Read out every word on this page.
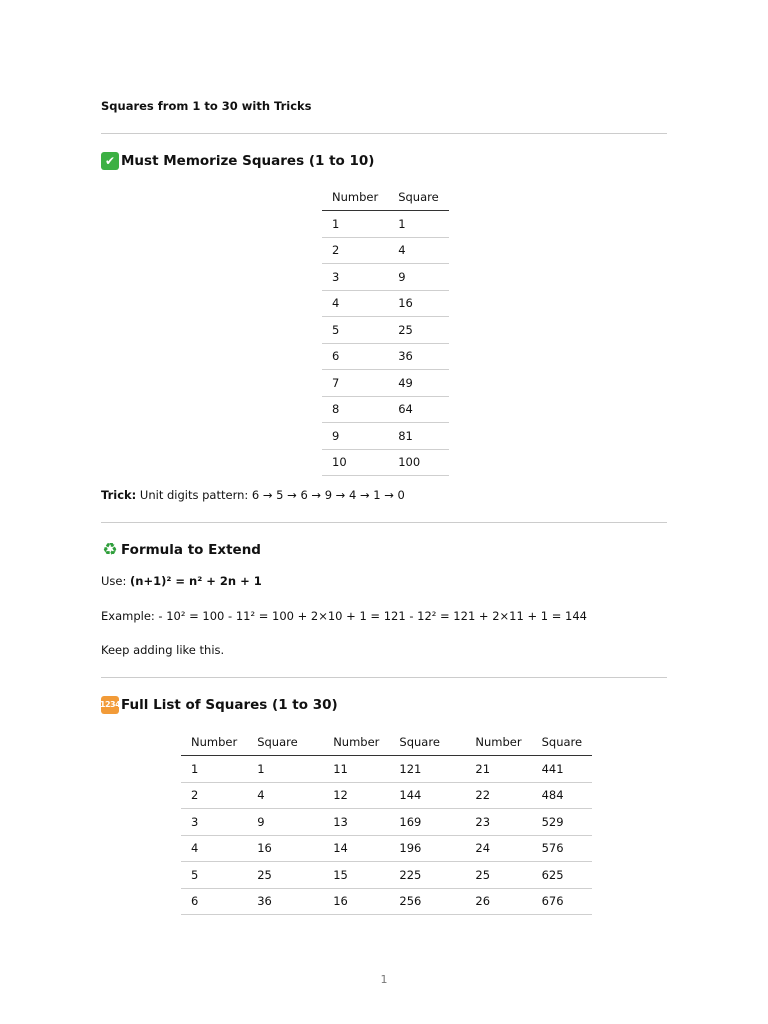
Squares from 1 to 30 with Tricks
✔ Must Memorize Squares (1 to 10)
Number	Square
1	1
2	4
3	9
4	16
5	25
6	36
7	49
8	64
9	81
10	100
Trick: Unit digits pattern: 6 → 5 → 6 → 9 → 4 → 1 → 0
♻ Formula to Extend
Use: (n+1)² = n² + 2n + 1
Example: - 10² = 100 - 11² = 100 + 2×10 + 1 = 121 - 12² = 121 + 2×11 + 1 = 144
Keep adding like this.
1234 Full List of Squares (1 to 30)
Number	Square	Number	Square	Number	Square
1	1	11	121	21	441
2	4	12	144	22	484
3	9	13	169	23	529
4	16	14	196	24	576
5	25	15	225	25	625
6	36	16	256	26	676
1
